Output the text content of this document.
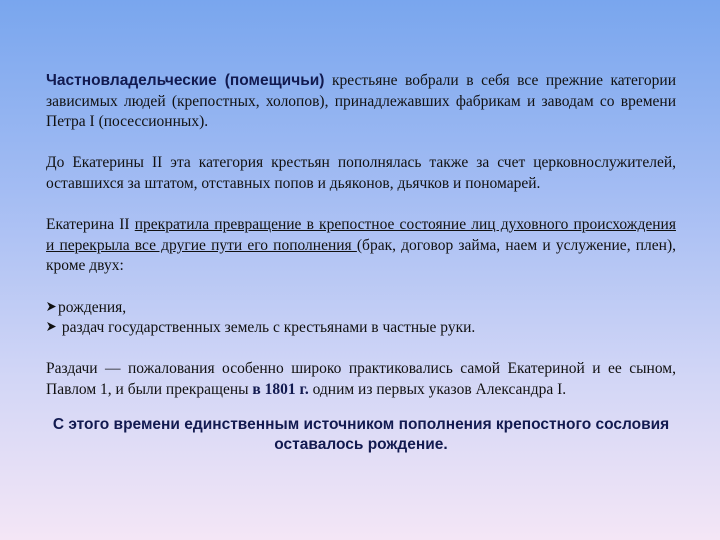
Частновладельческие (помещичьи) крестьяне вобрали в себя все прежние категории зависимых людей (крепостных, холопов), принадлежавших фабрикам и заводам со времени Петра I (посессионных).

До Екатерины II эта категория крестьян пополнялась также за счет церковнослужителей, оставшихся за штатом, отставных попов и дьяконов, дьячков и пономарей.

Екатерина II прекратила превращение в крепостное состояние лиц духовного происхождения и перекрыла все другие пути его пополнения (брак, договор займа, наем и услужение, плен), кроме двух:

рождения,
раздач государственных земель с крестьянами в частные руки.

Раздачи — пожалования особенно широко практиковались самой Екатериной и ее сыном, Павлом 1, и были прекращены в 1801 г. одним из первых указов Александра I.

С этого времени единственным источником пополнения крепостного сословия оставалось рождение.
